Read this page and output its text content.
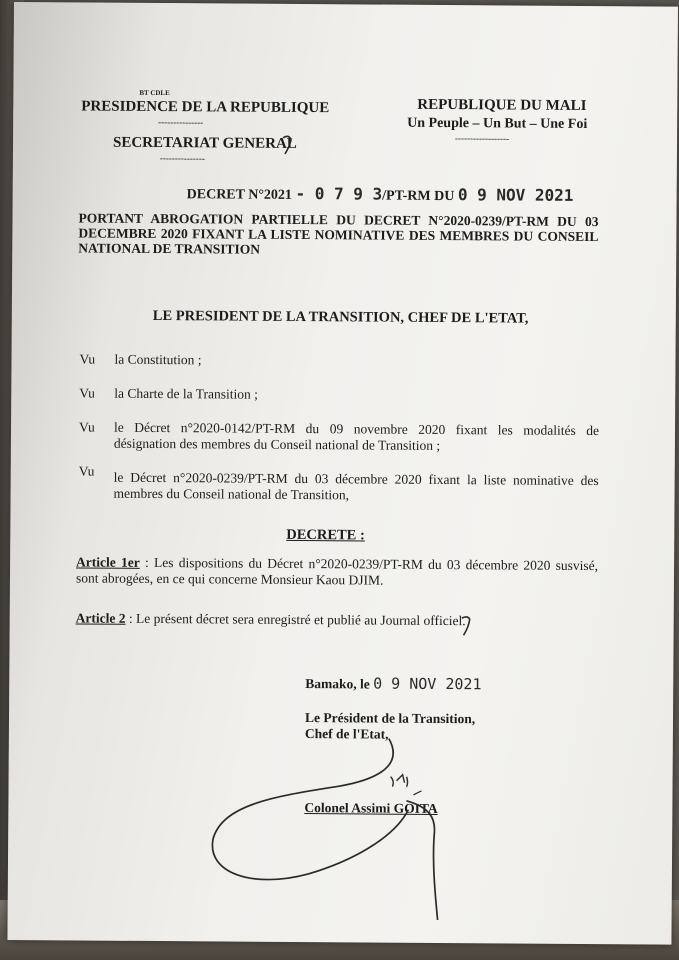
BT CDLE
PRESIDENCE DE LA REPUBLIQUE
---------------
SECRETARIAT GENERAL
---------------
REPUBLIQUE DU MALI
Un Peuple – Un But – Une Foi
------------------
DECRET N°2021 ‑ 0 7 9 3/PT-RM DU 0 9 NOV 2021
PORTANT ABROGATION PARTIELLE DU DECRET N°2020-0239/PT-RM DU 03
DECEMBRE 2020 FIXANT LA LISTE NOMINATIVE DES MEMBRES DU CONSEIL
NATIONAL DE TRANSITION
LE PRESIDENT DE LA TRANSITION, CHEF DE L'ETAT,
Vu la Constitution ;
Vu la Charte de la Transition ;
Vu le Décret n°2020-0142/PT-RM du 09 novembre 2020 fixant les modalités de
désignation des membres du Conseil national de Transition ;
Vu le Décret n°2020-0239/PT-RM du 03 décembre 2020 fixant la liste nominative des
membres du Conseil national de Transition,
DECRETE :
Article 1er : Les dispositions du Décret n°2020-0239/PT-RM du 03 décembre 2020 susvisé,
sont abrogées, en ce qui concerne Monsieur Kaou DJIM.
Article 2 : Le présent décret sera enregistré et publié au Journal officiel.
Bamako, le 0 9 NOV 2021
Le Président de la Transition,
Chef de l'Etat,
Colonel Assimi GOITA
